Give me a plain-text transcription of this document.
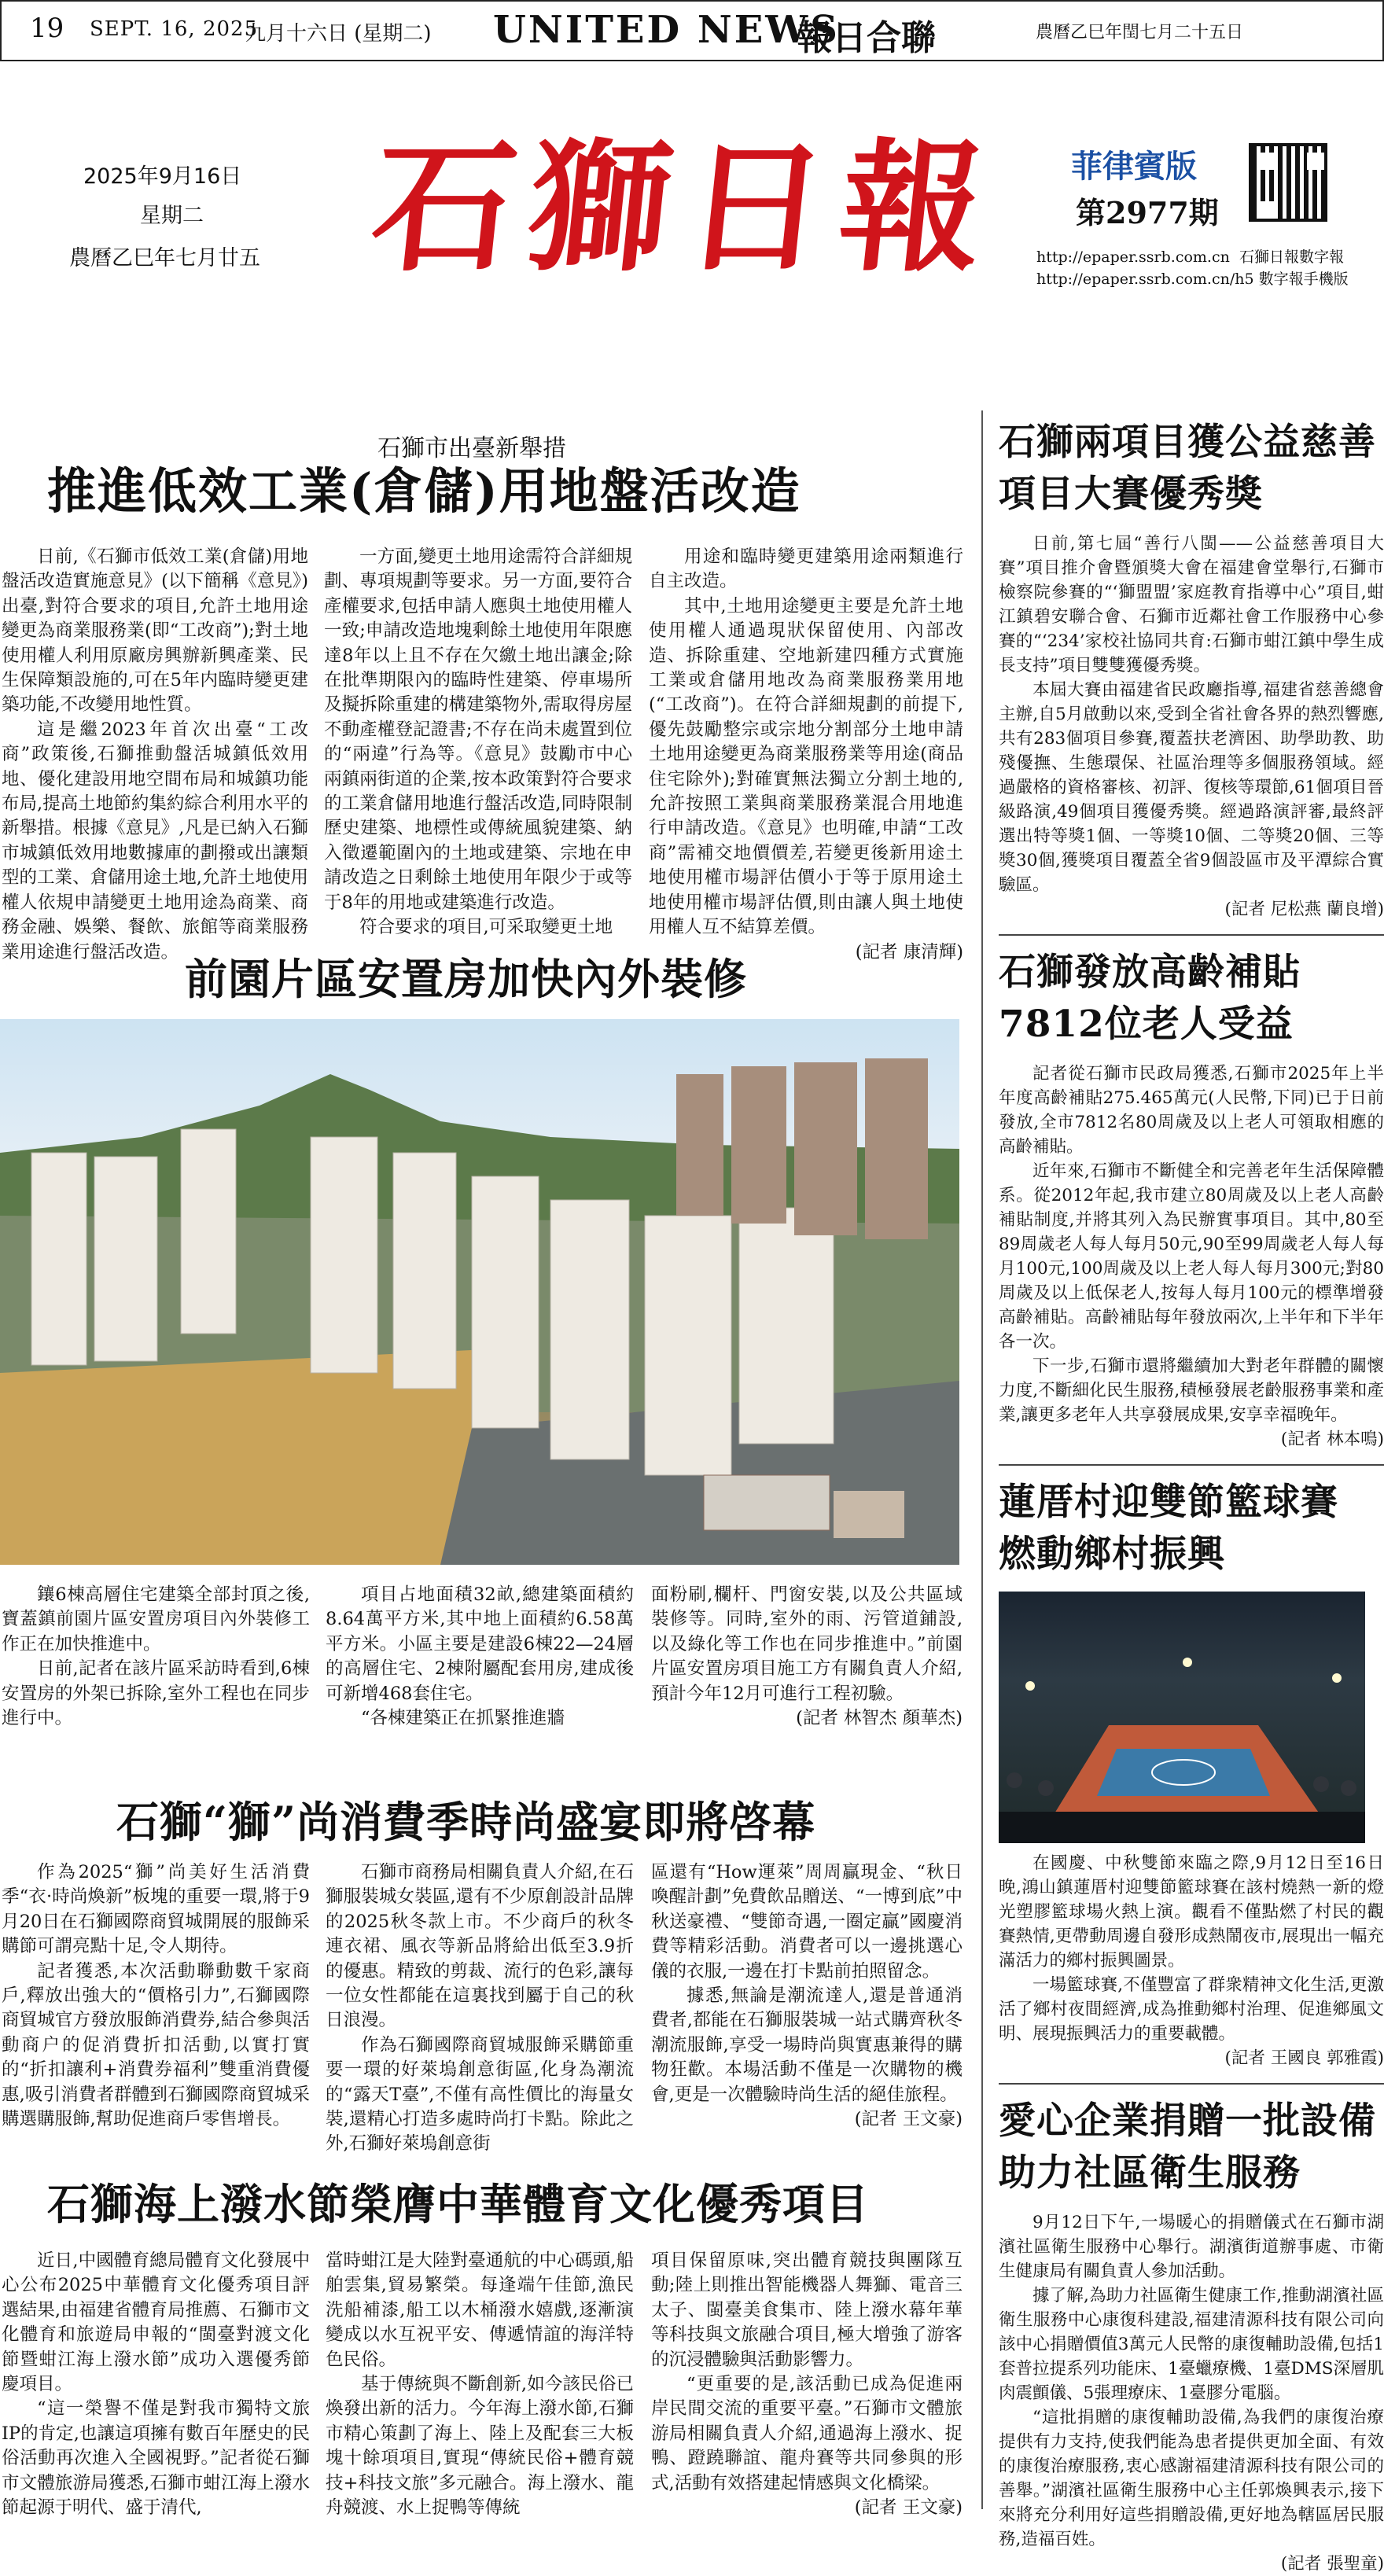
19 SEPT. 16, 2025
九月十六日 (星期二) UNITED NEWS
報日合聯	農曆乙巳年閏七月二十五日
2025年9月16日
星期二
農曆乙巳年七月廿五 石獅日報 菲律賓版
第2977期
http://epaper.ssrb.com.cn 石獅日報數字報
http://epaper.ssrb.com.cn/h5 數字報手機版
石獅市出臺新舉措
推進低效工業(倉儲)用地盤活改造

日前,《石獅市低效工業(倉儲)用地盤活改造實施意見》(以下簡稱《意見》)出臺,對符合要求的項目,允許土地用途變更為商業服務業(即“工改商”);對土地使用權人利用原廠房興辦新興產業、民生保障類設施的,可在5年内臨時變更建築功能,不改變用地性質。

這是繼2023年首次出臺“工改商”政策後,石獅推動盤活城鎮低效用地、優化建設用地空間布局和城鎮功能布局,提高土地節約集約綜合利用水平的新舉措。根據《意見》,凡是已納入石獅市城鎮低效用地數據庫的劃撥或出讓類型的工業、倉儲用途土地,允許土地使用權人依規申請變更土地用途為商業、商務金融、娛樂、餐飲、旅館等商業服務業用途進行盤活改造。

一方面,變更土地用途需符合詳細規劃、專項規劃等要求。另一方面,要符合產權要求,包括申請人應與土地使用權人一致;申請改造地塊剩餘土地使用年限應達8年以上且不存在欠繳土地出讓金;除在批準期限內的臨時性建築、停車場所及擬拆除重建的構建築物外,需取得房屋不動產權登記證書;不存在尚未處置到位的“兩違”行為等。《意見》鼓勵市中心兩鎮兩街道的企業,按本政策對符合要求的工業倉儲用地進行盤活改造,同時限制歷史建築、地標性或傳統風貌建築、納入徵遷範圍內的土地或建築、宗地在申請改造之日剩餘土地使用年限少于或等于8年的用地或建築進行改造。

符合要求的項目,可采取變更土地

用途和臨時變更建築用途兩類進行自主改造。

其中,土地用途變更主要是允許土地使用權人通過現狀保留使用、內部改造、拆除重建、空地新建四種方式實施工業或倉儲用地改為商業服務業用地(“工改商”)。在符合詳細規劃的前提下,優先鼓勵整宗或宗地分割部分土地申請土地用途變更為商業服務業等用途(商品住宅除外);對確實無法獨立分割土地的,允許按照工業與商業服務業混合用地進行申請改造。《意見》也明確,申請“工改商”需補交地價價差,若變更後新用途土地使用權市場評估價小于等于原用途土地使用權市場評估價,則由讓人與土地使用權人互不結算差價。

(記者 康清輝)
前園片區安置房加快內外裝修

鑲6棟高層住宅建築全部封頂之後,寶蓋鎮前園片區安置房項目內外裝修工作正在加快推進中。

日前,記者在該片區采訪時看到,6棟安置房的外架已拆除,室外工程也在同步進行中。

項目占地面積32畝,總建築面積約8.64萬平方米,其中地上面積約6.58萬平方米。小區主要是建設6棟22—24層的高層住宅、2棟附屬配套用房,建成後可新增468套住宅。

“各棟建築正在抓緊推進牆

面粉刷,欄杆、門窗安裝,以及公共區域裝修等。同時,室外的雨、污管道鋪設,以及綠化等工作也在同步推進中。”前園片區安置房項目施工方有關負責人介紹,預計今年12月可進行工程初驗。

(記者 林智杰 顏華杰)
石獅“獅”尚消費季時尚盛宴即將啓幕

作為2025“獅”尚美好生活消費季“衣·時尚煥新”板塊的重要一環,將于9月20日在石獅國際商貿城開展的服飾采購節可謂亮點十足,令人期待。

記者獲悉,本次活動聯動數千家商戶,釋放出強大的“價格引力”,石獅國際商貿城官方發放服飾消費券,結合參與活動商户的促消費折扣活動,以實打實的“折扣讓利+消費券福利”雙重消費優惠,吸引消費者群體到石獅國際商貿城采購選購服飾,幫助促進商戶零售增長。

石獅市商務局相關負責人介紹,在石獅服裝城女裝區,還有不少原創設計品牌的2025秋冬款上市。不少商戶的秋冬連衣裙、風衣等新品將給出低至3.9折的優惠。精致的剪裁、流行的色彩,讓每一位女性都能在這裏找到屬于自己的秋日浪漫。

作為石獅國際商貿城服飾采購節重要一環的好萊塢創意街區,化身為潮流的“露天T臺”,不僅有高性價比的海量女裝,還精心打造多處時尚打卡點。除此之外,石獅好萊塢創意街

區還有“How運萊”周周贏現金、“秋日喚醒計劃”免費飲品贈送、“一博到底”中秋送豪禮、“雙節奇遇,一圈定贏”國慶消費等精彩活動。消費者可以一邊挑選心儀的衣服,一邊在打卡點前拍照留念。

據悉,無論是潮流達人,還是普通消費者,都能在石獅服裝城一站式購齊秋冬潮流服飾,享受一場時尚與實惠兼得的購物狂歡。本場活動不僅是一次購物的機會,更是一次體驗時尚生活的絕佳旅程。

(記者 王文豪)
石獅海上潑水節榮膺中華體育文化優秀項目

近日,中國體育總局體育文化發展中心公布2025中華體育文化優秀項目評選結果,由福建省體育局推薦、石獅市文化體育和旅遊局申報的“閩臺對渡文化節暨蚶江海上潑水節”成功入選優秀節慶項目。

“這一榮譽不僅是對我市獨特文旅IP的肯定,也讓這項擁有數百年歷史的民俗活動再次進入全國視野。”記者從石獅市文體旅游局獲悉,石獅市蚶江海上潑水節起源于明代、盛于清代,

當時蚶江是大陸對臺通航的中心碼頭,船舶雲集,貿易繁榮。每逢端午佳節,漁民洗船補漆,船工以木桶潑水嬉戲,逐漸演變成以水互祝平安、傳遞情誼的海洋特色民俗。

基于傳統與不斷創新,如今該民俗已煥發出新的活力。今年海上潑水節,石獅市精心策劃了海上、陸上及配套三大板塊十餘項項目,實現“傳統民俗+體育競技+科技文旅”多元融合。海上潑水、龍舟競渡、水上捉鴨等傳統

項目保留原味,突出體育競技與團隊互動;陸上則推出智能機器人舞獅、電音三太子、閩臺美食集市、陸上潑水幕年華等科技與文旅融合項目,極大增強了游客的沉浸體驗與活動影響力。

“更重要的是,該活動已成為促進兩岸民間交流的重要平臺。”石獅市文體旅游局相關負責人介紹,通過海上潑水、捉鴨、蹬蹺聯誼、龍舟賽等共同參與的形式,活動有效搭建起情感與文化橋梁。

(記者 王文豪)
石獅兩項目獲公益慈善
項目大賽優秀獎

日前,第七屆“善行八閩——公益慈善項目大賽”項目推介會暨頒獎大會在福建會堂舉行,石獅市檢察院參賽的“‘獅盟盟’家庭教育指導中心”項目,蚶江鎮碧安聯合會、石獅市近鄰社會工作服務中心參賽的“‘234’家校社協同共育:石獅市蚶江鎮中學生成長支持”項目雙雙獲優秀獎。

本屆大賽由福建省民政廳指導,福建省慈善總會主辦,自5月啟動以來,受到全省社會各界的熱烈響應,共有283個項目參賽,覆蓋扶老濟困、助學助教、助殘優撫、生態環保、社區治理等多個服務領域。經過嚴格的資格審核、初評、復核等環節,61個項目晉級路演,49個項目獲優秀獎。經過路演評審,最終評選出特等獎1個、一等獎10個、二等獎20個、三等獎30個,獲獎項目覆蓋全省9個設區市及平潭綜合實驗區。

(記者 尼松燕 蘭良增)
石獅發放高齡補貼
7812位老人受益

記者從石獅市民政局獲悉,石獅市2025年上半年度高齡補貼275.465萬元(人民幣,下同)已于日前發放,全市7812名80周歲及以上老人可領取相應的高齡補貼。

近年來,石獅市不斷健全和完善老年生活保障體系。從2012年起,我市建立80周歲及以上老人高齡補貼制度,并將其列入為民辦實事項目。其中,80至89周歲老人每人每月50元,90至99周歲老人每人每月100元,100周歲及以上老人每人每月300元;對80周歲及以上低保老人,按每人每月100元的標準增發高齡補貼。高齡補貼每年發放兩次,上半年和下半年各一次。

下一步,石獅市還將繼續加大對老年群體的關懷力度,不斷細化民生服務,積極發展老齡服務事業和產業,讓更多老年人共享發展成果,安享幸福晚年。

(記者 林本鳴)
蓮厝村迎雙節籃球賽
燃動鄉村振興

在國慶、中秋雙節來臨之際,9月12日至16日晚,鴻山鎮蓮厝村迎雙節籃球賽在該村燒熱一新的燈光塑膠籃球場火熱上演。觀看不僅點燃了村民的觀賽熱情,更帶動周邊自發形成熱鬧夜市,展現出一幅充滿活力的鄉村振興圖景。

一場籃球賽,不僅豐富了群衆精神文化生活,更激活了鄉村夜間經濟,成為推動鄉村治理、促進鄉風文明、展現振興活力的重要載體。

(記者 王國良 郭雅霞)
愛心企業捐贈一批設備
助力社區衛生服務

9月12日下午,一場暖心的捐贈儀式在石獅市湖濱社區衛生服務中心舉行。湖濱街道辦事處、市衛生健康局有關負責人參加活動。

據了解,為助力社區衛生健康工作,推動湖濱社區衛生服務中心康復科建設,福建清源科技有限公司向該中心捐贈價值3萬元人民幣的康復輔助設備,包括1套普拉提系列功能床、1臺蠟療機、1臺DMS深層肌肉震顫儀、5張理療床、1臺膠分電腦。

“這批捐贈的康復輔助設備,為我們的康復治療提供有力支持,使我們能為患者提供更加全面、有效的康復治療服務,衷心感謝福建清源科技有限公司的善舉。”湖濱社區衛生服務中心主任郭煥興表示,接下來將充分利用好這些捐贈設備,更好地為轄區居民服務,造福百姓。

(記者 張聖童)
